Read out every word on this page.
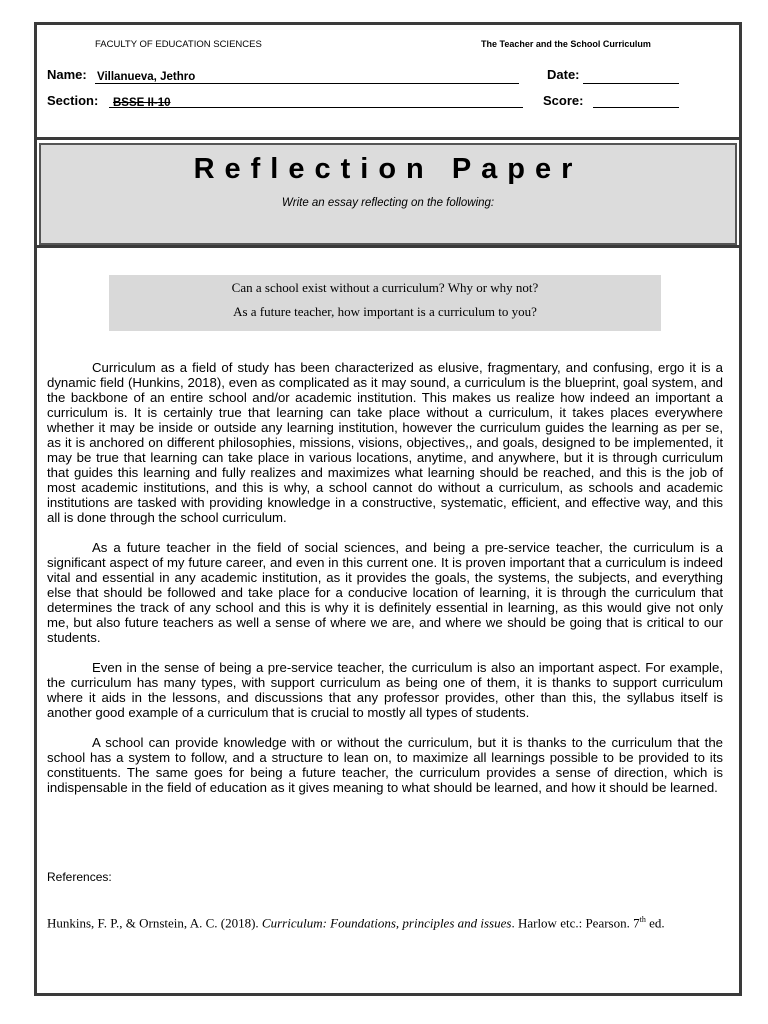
FACULTY OF EDUCATION SCIENCES	The Teacher and the School Curriculum
Name: Villanueva, Jethro	Date:
Section: BSSE II-10	Score:
Reflection Paper
Write an essay reflecting on the following:
Can a school exist without a curriculum? Why or why not?
As a future teacher, how important is a curriculum to you?

Curriculum as a field of study has been characterized as elusive, fragmentary, and confusing, ergo it is a dynamic field (Hunkins, 2018), even as complicated as it may sound, a curriculum is the blueprint, goal system, and the backbone of an entire school and/or academic institution. This makes us realize how indeed an important a curriculum is. It is certainly true that learning can take place without a curriculum, it takes places everywhere whether it may be inside or outside any learning institution, however the curriculum guides the learning as per se, as it is anchored on different philosophies, missions, visions, objectives,, and goals, designed to be implemented, it may be true that learning can take place in various locations, anytime, and anywhere, but it is through curriculum that guides this learning and fully realizes and maximizes what learning should be reached, and this is the job of most academic institutions, and this is why, a school cannot do without a curriculum, as schools and academic institutions are tasked with providing knowledge in a constructive, systematic, efficient, and effective way, and this all is done through the school curriculum.

As a future teacher in the field of social sciences, and being a pre-service teacher, the curriculum is a significant aspect of my future career, and even in this current one. It is proven important that a curriculum is indeed vital and essential in any academic institution, as it provides the goals, the systems, the subjects, and everything else that should be followed and take place for a conducive location of learning, it is through the curriculum that determines the track of any school and this is why it is definitely essential in learning, as this would give not only me, but also future teachers as well a sense of where we are, and where we should be going that is critical to our students.

Even in the sense of being a pre-service teacher, the curriculum is also an important aspect. For example, the curriculum has many types, with support curriculum as being one of them, it is thanks to support curriculum where it aids in the lessons, and discussions that any professor provides, other than this, the syllabus itself is another good example of a curriculum that is crucial to mostly all types of students.

A school can provide knowledge with or without the curriculum, but it is thanks to the curriculum that the school has a system to follow, and a structure to lean on, to maximize all learnings possible to be provided to its constituents. The same goes for being a future teacher, the curriculum provides a sense of direction, which is indispensable in the field of education as it gives meaning to what should be learned, and how it should be learned.

References:
Hunkins, F. P., & Ornstein, A. C. (2018). Curriculum: Foundations, principles and issues. Harlow etc.: Pearson. 7th ed.
